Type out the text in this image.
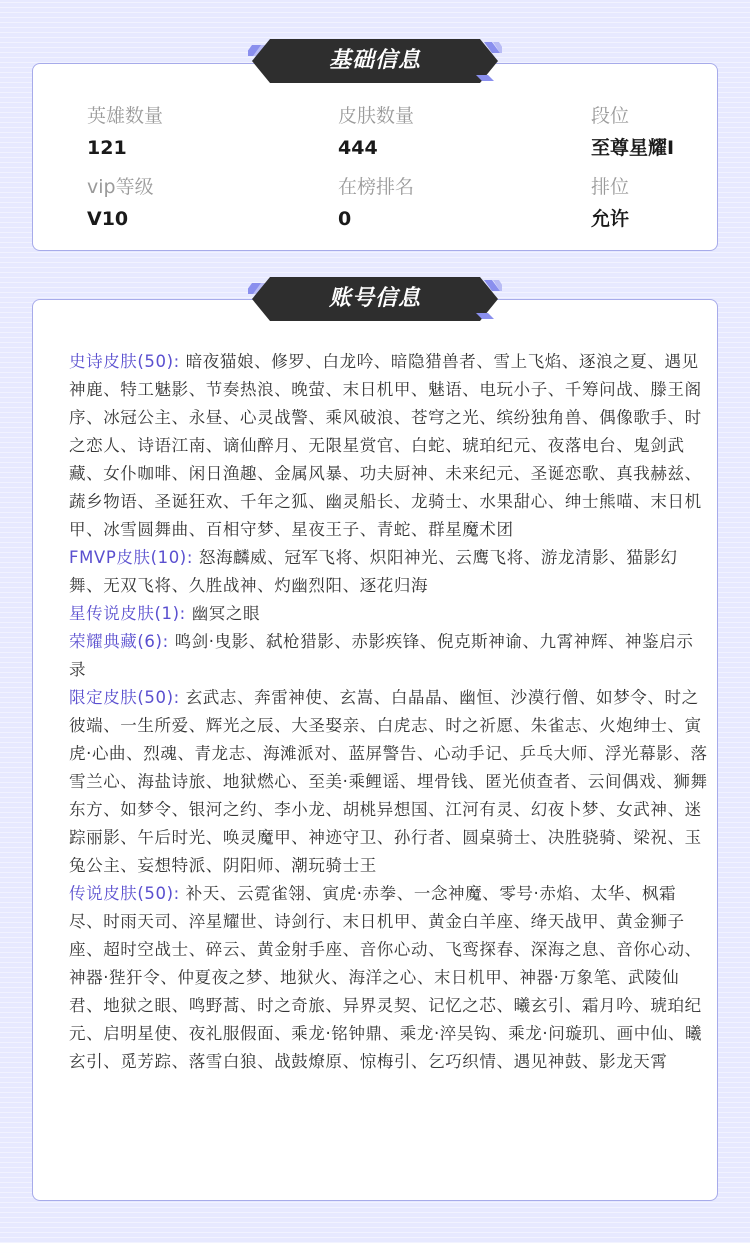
英雄数量
121
皮肤数量
444
段位
至尊星耀I
vip等级
V10
在榜排名
0
排位
允许
基础信息
史诗皮肤(50): 暗夜猫娘、修罗、白龙吟、暗隐猎兽者、雪上飞焰、逐浪之夏、遇见神鹿、特工魅影、节奏热浪、晚萤、末日机甲、魅语、电玩小子、千筹问战、滕王阁序、冰冠公主、永昼、心灵战警、乘风破浪、苍穹之光、缤纷独角兽、偶像歌手、时之恋人、诗语江南、谪仙醉月、无限星赏官、白蛇、琥珀纪元、夜落电台、鬼剑武藏、女仆咖啡、闲日渔趣、金属风暴、功夫厨神、未来纪元、圣诞恋歌、真我赫兹、蔬乡物语、圣诞狂欢、千年之狐、幽灵船长、龙骑士、水果甜心、绅士熊喵、末日机甲、冰雪圆舞曲、百相守梦、星夜王子、青蛇、群星魔术团
FMVP皮肤(10): 怒海麟威、冠军飞将、炽阳神光、云鹰飞将、游龙清影、猫影幻舞、无双飞将、久胜战神、灼幽烈阳、逐花归海
星传说皮肤(1): 幽冥之眼
荣耀典藏(6): 鸣剑·曳影、弑枪猎影、赤影疾锋、倪克斯神谕、九霄神辉、神鉴启示录
限定皮肤(50): 玄武志、奔雷神使、玄嵩、白晶晶、幽恒、沙漠行僧、如梦令、时之彼端、一生所爱、辉光之辰、大圣娶亲、白虎志、时之祈愿、朱雀志、火炮绅士、寅虎·心曲、烈魂、青龙志、海滩派对、蓝屏警告、心动手记、乒乓大师、浮光幕影、落雪兰心、海盐诗旅、地狱燃心、至美·乘鲤谣、埋骨钱、匿光侦查者、云间偶戏、狮舞东方、如梦令、银河之约、李小龙、胡桃异想国、江河有灵、幻夜卜梦、女武神、迷踪丽影、午后时光、唤灵魔甲、神迹守卫、孙行者、圆桌骑士、决胜骁骑、梁祝、玉兔公主、妄想特派、阴阳师、潮玩骑士王
传说皮肤(50): 补天、云霓雀翎、寅虎·赤拳、一念神魔、零号·赤焰、太华、枫霜尽、时雨天司、淬星耀世、诗剑行、末日机甲、黄金白羊座、绛天战甲、黄金狮子座、超时空战士、碎云、黄金射手座、音你心动、飞鸾探春、深海之息、音你心动、神器·狴犴令、仲夏夜之梦、地狱火、海洋之心、末日机甲、神器·万象笔、武陵仙君、地狱之眼、鸣野蒿、时之奇旅、异界灵契、记忆之芯、曦玄引、霜月吟、琥珀纪元、启明星使、夜礼服假面、乘龙·铭钟鼎、乘龙·淬吴钩、乘龙·问璇玑、画中仙、曦玄引、觅芳踪、落雪白狼、战鼓燎原、惊梅引、乞巧织情、遇见神鼓、影龙天霄
账号信息
